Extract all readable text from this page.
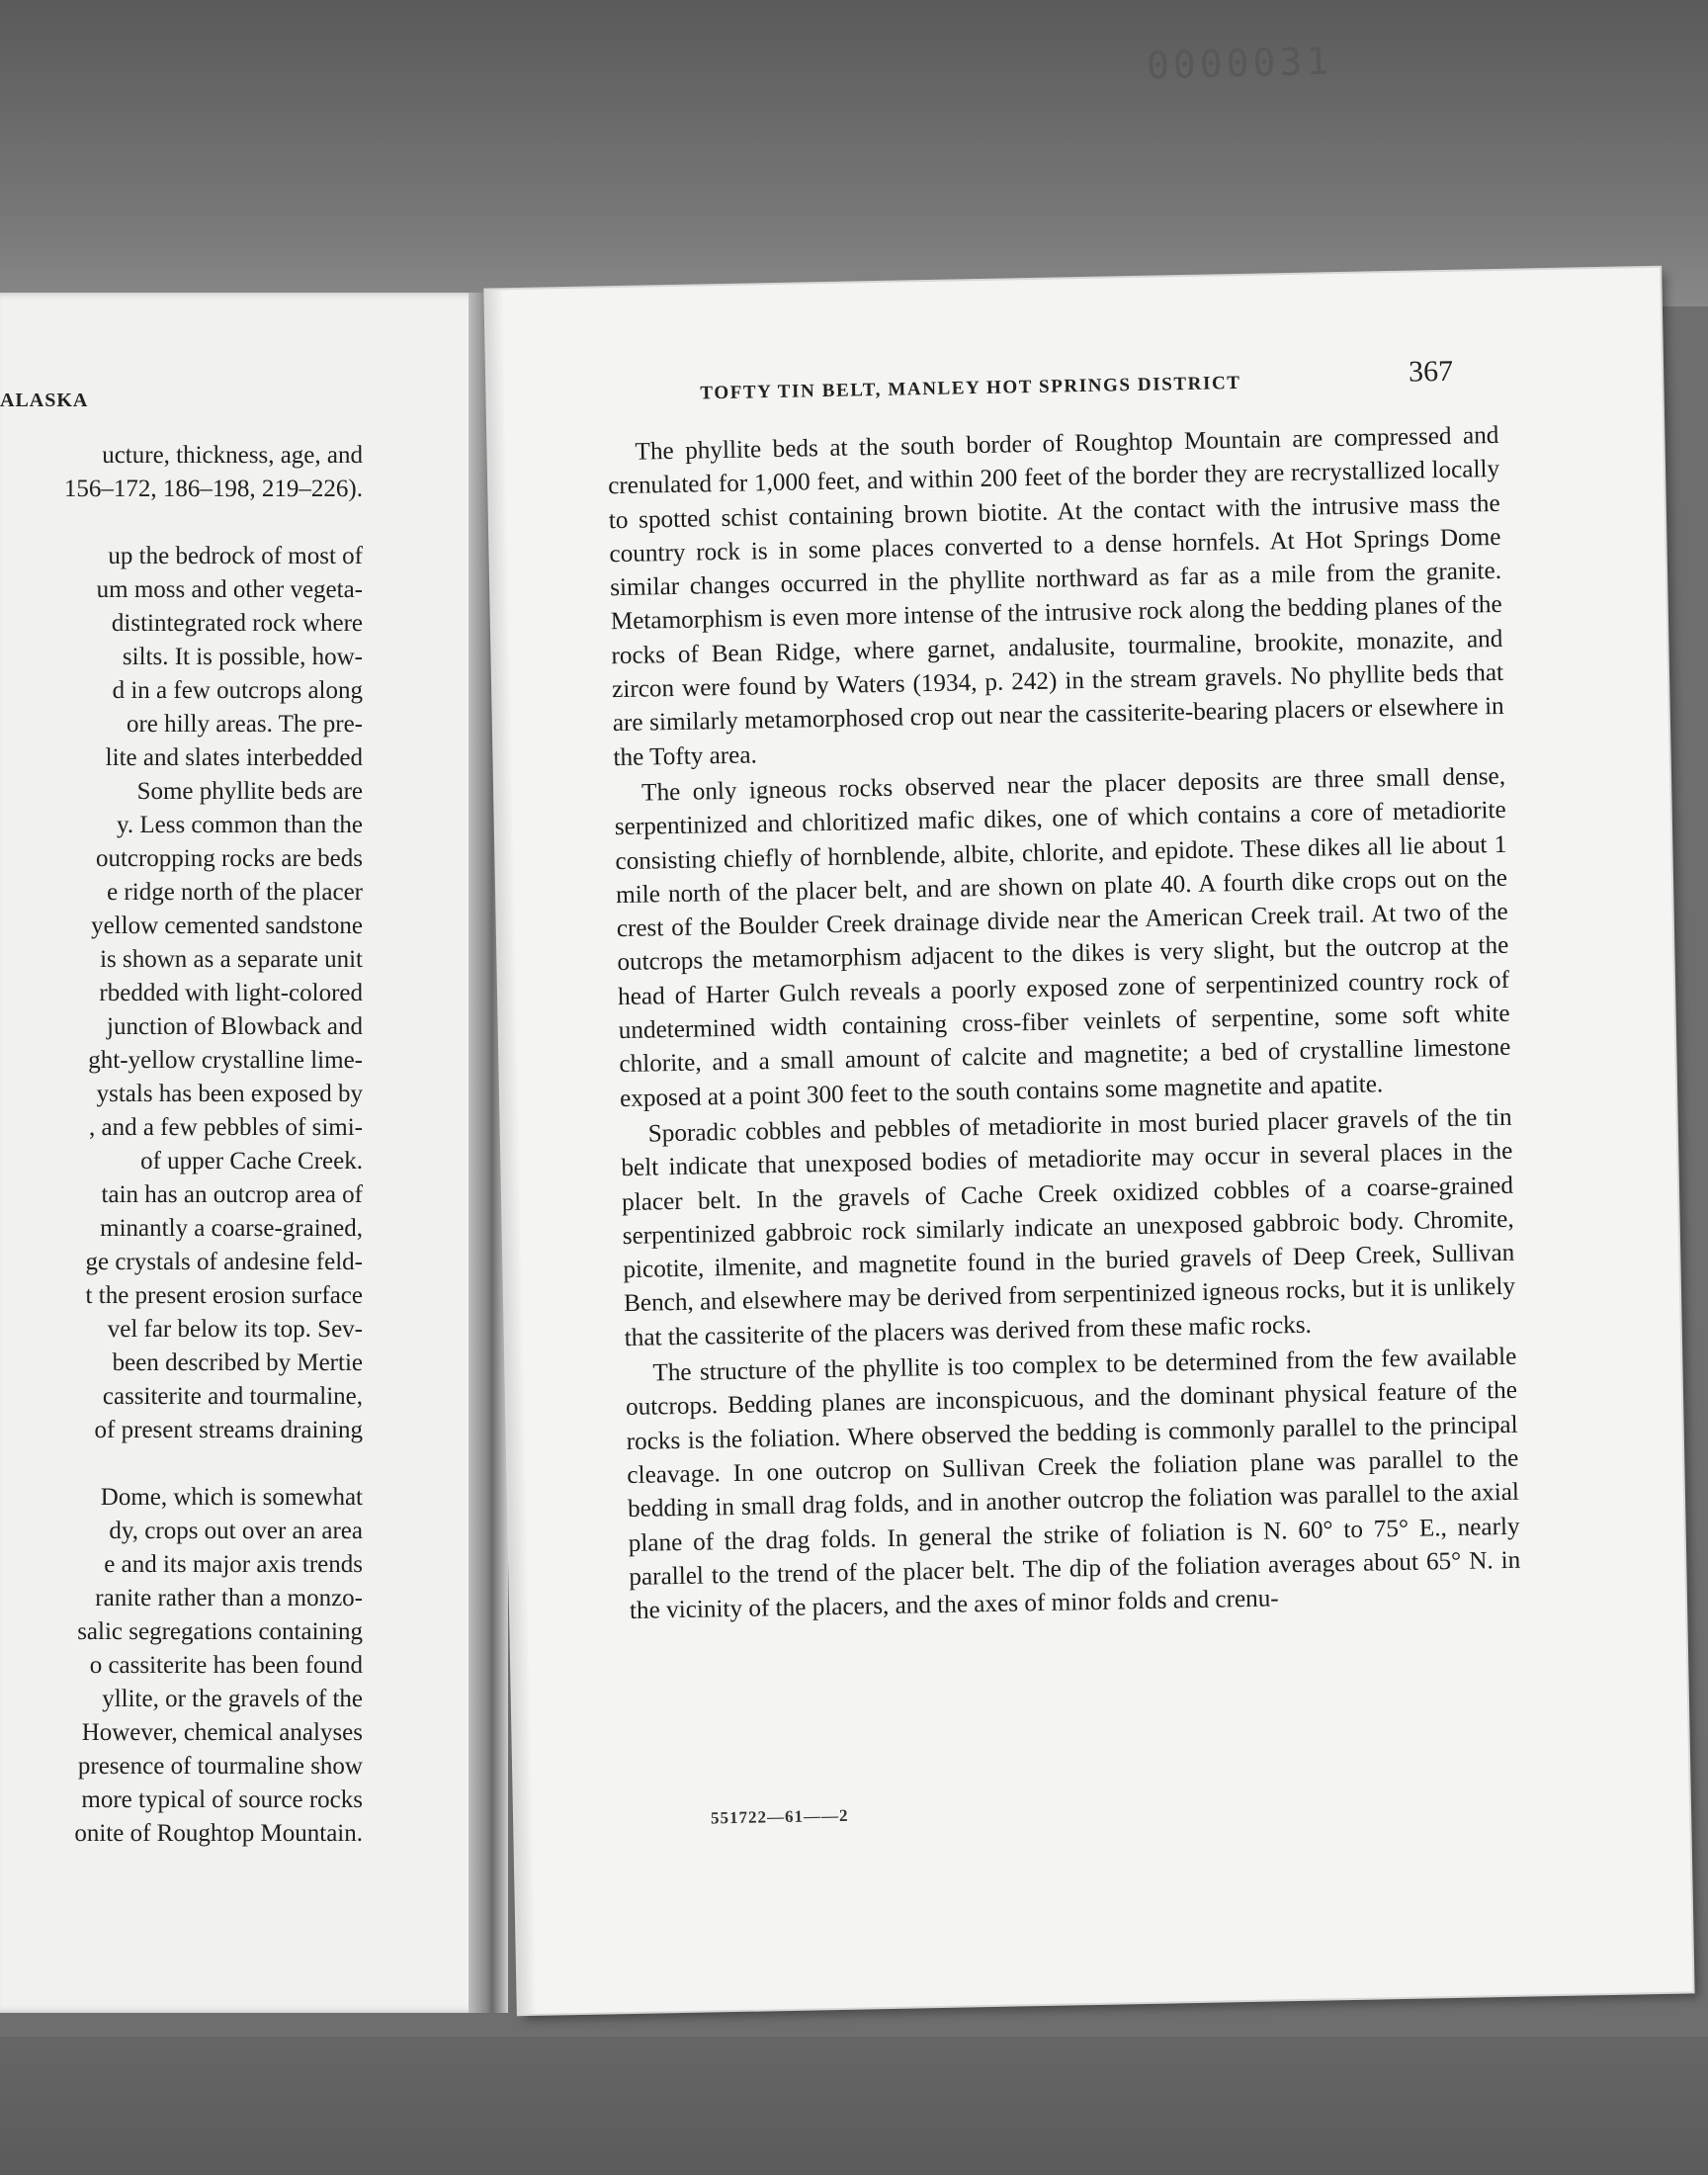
0000031
ALASKA
ucture, thickness, age, and
156–172, 186–198, 219–226).
up the bedrock of most of
um moss and other vegeta-
distintegrated rock where
silts. It is possible, how-
d in a few outcrops along
ore hilly areas. The pre-
lite and slates interbedded
Some phyllite beds are
y. Less common than the
outcropping rocks are beds
e ridge north of the placer
yellow cemented sandstone
is shown as a separate unit
rbedded with light-colored
junction of Blowback and
ght-yellow crystalline lime-
ystals has been exposed by
, and a few pebbles of simi-
of upper Cache Creek.
tain has an outcrop area of
minantly a coarse-grained,
ge crystals of andesine feld-
t the present erosion surface
vel far below its top. Sev-
been described by Mertie
cassiterite and tourmaline,
of present streams draining
Dome, which is somewhat
dy, crops out over an area
e and its major axis trends
ranite rather than a monzo-
salic segregations containing
o cassiterite has been found
yllite, or the gravels of the
However, chemical analyses
presence of tourmaline show
more typical of source rocks
onite of Roughtop Mountain.
TOFTY TIN BELT, MANLEY HOT SPRINGS DISTRICT
367

The phyllite beds at the south border of Roughtop Mountain are compressed and crenulated for 1,000 feet, and within 200 feet of the border they are recrystallized locally to spotted schist containing brown biotite. At the contact with the intrusive mass the country rock is in some places converted to a dense hornfels. At Hot Springs Dome similar changes occurred in the phyllite northward as far as a mile from the granite. Metamorphism is even more intense of the intrusive rock along the bedding planes of the rocks of Bean Ridge, where garnet, andalusite, tourmaline, brookite, monazite, and zircon were found by Waters (1934, p. 242) in the stream gravels. No phyllite beds that are similarly metamorphosed crop out near the cassiterite-bearing placers or elsewhere in the Tofty area.

The only igneous rocks observed near the placer deposits are three small dense, serpentinized and chloritized mafic dikes, one of which contains a core of metadiorite consisting chiefly of hornblende, albite, chlorite, and epidote. These dikes all lie about 1 mile north of the placer belt, and are shown on plate 40. A fourth dike crops out on the crest of the Boulder Creek drainage divide near the American Creek trail. At two of the outcrops the metamorphism adjacent to the dikes is very slight, but the outcrop at the head of Harter Gulch reveals a poorly exposed zone of serpentinized country rock of undetermined width containing cross-fiber veinlets of serpentine, some soft white chlorite, and a small amount of calcite and magnetite; a bed of crystalline limestone exposed at a point 300 feet to the south contains some magnetite and apatite.

Sporadic cobbles and pebbles of metadiorite in most buried placer gravels of the tin belt indicate that unexposed bodies of metadiorite may occur in several places in the placer belt. In the gravels of Cache Creek oxidized cobbles of a coarse-grained serpentinized gabbroic rock similarly indicate an unexposed gabbroic body. Chromite, picotite, ilmenite, and magnetite found in the buried gravels of Deep Creek, Sullivan Bench, and elsewhere may be derived from serpentinized igneous rocks, but it is unlikely that the cassiterite of the placers was derived from these mafic rocks.

The structure of the phyllite is too complex to be determined from the few available outcrops. Bedding planes are inconspicuous, and the dominant physical feature of the rocks is the foliation. Where observed the bedding is commonly parallel to the principal cleavage. In one outcrop on Sullivan Creek the foliation plane was parallel to the bedding in small drag folds, and in another outcrop the foliation was parallel to the axial plane of the drag folds. In general the strike of foliation is N. 60° to 75° E., nearly parallel to the trend of the placer belt. The dip of the foliation averages about 65° N. in the vicinity of the placers, and the axes of minor folds and crenu-

551722—61——2
